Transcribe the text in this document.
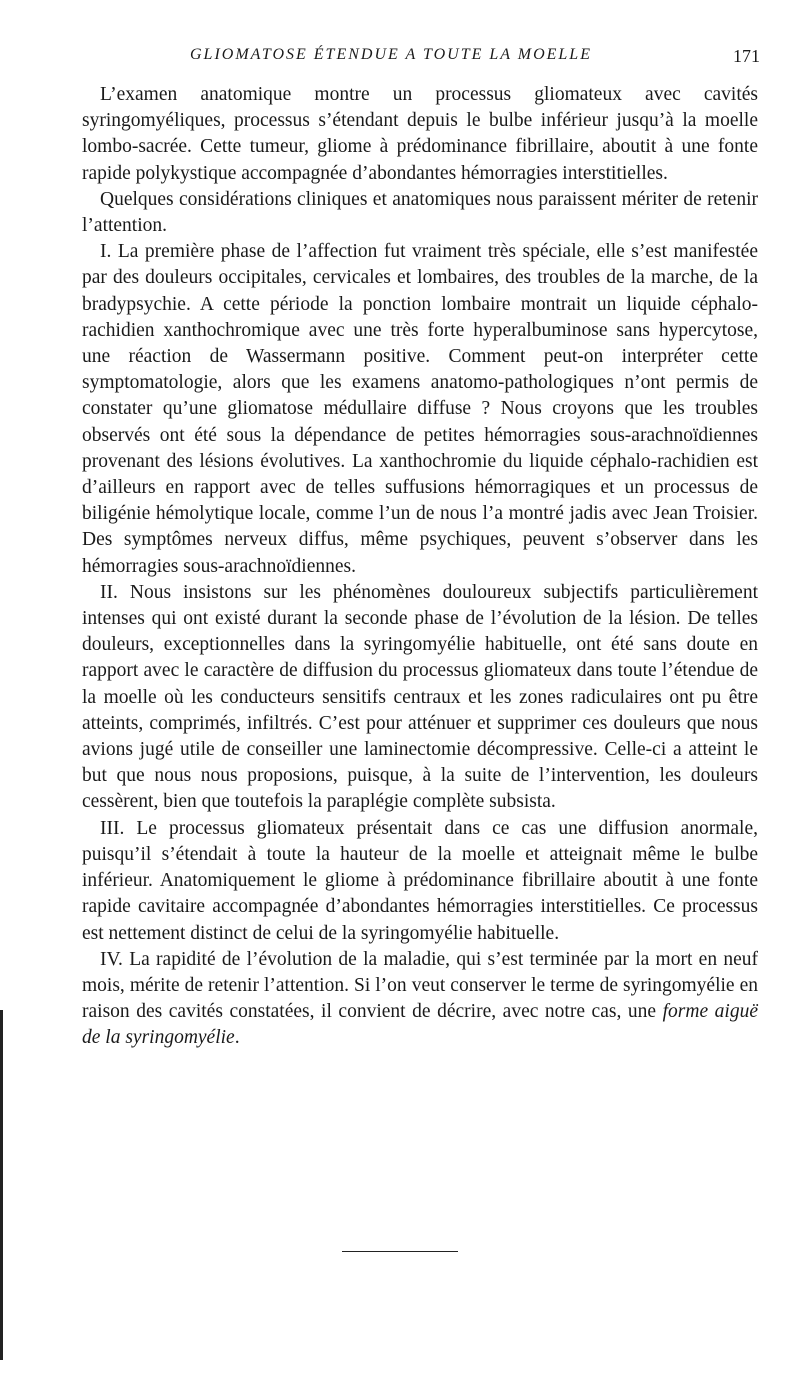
GLIOMATOSE ÉTENDUE A TOUTE LA MOELLE	171

L’examen anatomique montre un processus gliomateux avec cavités syringomyéliques, processus s’étendant depuis le bulbe inférieur jusqu’à la moelle lombo-sacrée. Cette tumeur, gliome à prédominance fibrillaire, aboutit à une fonte rapide polykystique accompagnée d’abondantes hémorragies interstitielles.

Quelques considérations cliniques et anatomiques nous paraissent mériter de retenir l’attention.

I. La première phase de l’affection fut vraiment très spéciale, elle s’est manifestée par des douleurs occipitales, cervicales et lombaires, des troubles de la marche, de la bradypsychie. A cette période la ponction lombaire montrait un liquide céphalo-rachidien xanthochromique avec une très forte hyperalbuminose sans hypercytose, une réaction de Wassermann positive. Comment peut-on interpréter cette symptomatologie, alors que les examens anatomo-pathologiques n’ont permis de constater qu’une gliomatose médullaire diffuse ? Nous croyons que les troubles observés ont été sous la dépendance de petites hémorragies sous-arachnoïdiennes provenant des lésions évolutives. La xanthochromie du liquide céphalo-rachidien est d’ailleurs en rapport avec de telles suffusions hémorragiques et un processus de biligénie hémolytique locale, comme l’un de nous l’a montré jadis avec Jean Troisier. Des symptômes nerveux diffus, même psychiques, peuvent s’observer dans les hémorragies sous-arachnoïdiennes.

II. Nous insistons sur les phénomènes douloureux subjectifs particulièrement intenses qui ont existé durant la seconde phase de l’évolution de la lésion. De telles douleurs, exceptionnelles dans la syringomyélie habituelle, ont été sans doute en rapport avec le caractère de diffusion du processus gliomateux dans toute l’étendue de la moelle où les conducteurs sensitifs centraux et les zones radiculaires ont pu être atteints, comprimés, infiltrés. C’est pour atténuer et supprimer ces douleurs que nous avions jugé utile de conseiller une laminectomie décompressive. Celle-ci a atteint le but que nous nous proposions, puisque, à la suite de l’intervention, les douleurs cessèrent, bien que toutefois la paraplégie complète subsista.

III. Le processus gliomateux présentait dans ce cas une diffusion anormale, puisqu’il s’étendait à toute la hauteur de la moelle et atteignait même le bulbe inférieur. Anatomiquement le gliome à prédominance fibrillaire aboutit à une fonte rapide cavitaire accompagnée d’abondantes hémorragies interstitielles. Ce processus est nettement distinct de celui de la syringomyélie habituelle.

IV. La rapidité de l’évolution de la maladie, qui s’est terminée par la mort en neuf mois, mérite de retenir l’attention. Si l’on veut conserver le terme de syringomyélie en raison des cavités constatées, il convient de décrire, avec notre cas, une forme aiguë de la syringomyélie.
